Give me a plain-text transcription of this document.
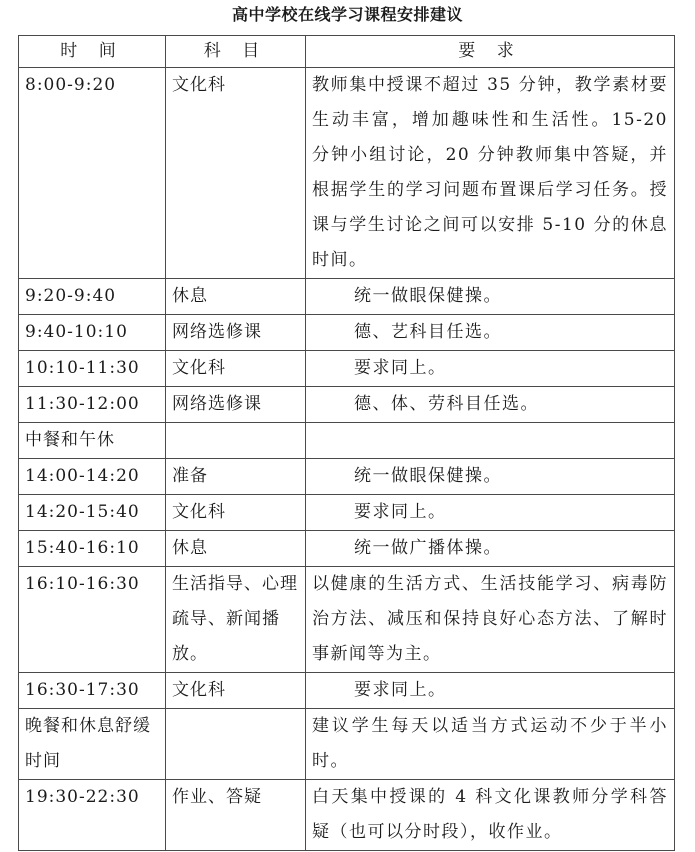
高中学校在线学习课程安排建议
时 间	科 目	要 求
8:00-9:20	文化科	教师集中授课不超过 35 分钟，教学素材要生动丰富，增加趣味性和生活性。15-20 分钟小组讨论，20 分钟教师集中答疑，并根据学生的学习问题布置课后学习任务。授课与学生讨论之间可以安排 5-10 分的休息时间。
9:20-9:40	休息	统一做眼保健操。
9:40-10:10	网络选修课	德、艺科目任选。
10:10-11:30	文化科	要求同上。
11:30-12:00	网络选修课	德、体、劳科目任选。
中餐和午休		
14:00-14:20	准备	统一做眼保健操。
14:20-15:40	文化科	要求同上。
15:40-16:10	休息	统一做广播体操。
16:10-16:30	生活指导、心理疏导、新闻播放。	以健康的生活方式、生活技能学习、病毒防治方法、减压和保持良好心态方法、了解时事新闻等为主。
16:30-17:30	文化科	要求同上。
晚餐和休息舒缓时间		建议学生每天以适当方式运动不少于半小时。
19:30-22:30	作业、答疑	白天集中授课的 4 科文化课教师分学科答疑（也可以分时段），收作业。
